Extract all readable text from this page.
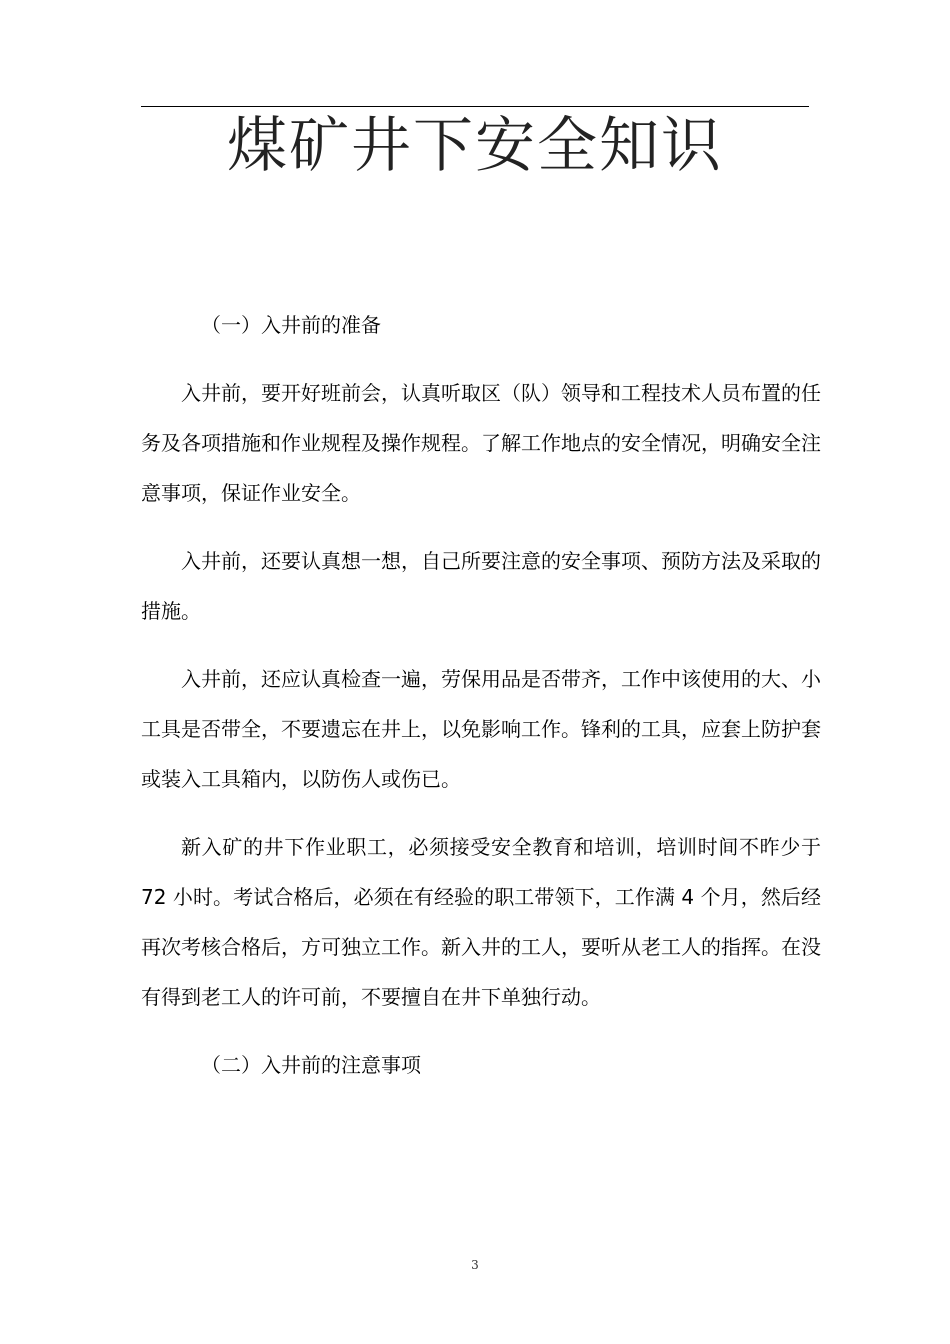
煤矿井下安全知识
（一）入井前的准备

入井前，要开好班前会，认真听取区（队）领导和工程技术人员布置的任务及各项措施和作业规程及操作规程。了解工作地点的安全情况，明确安全注意事项，保证作业安全。

入井前，还要认真想一想，自己所要注意的安全事项、预防方法及采取的措施。

入井前，还应认真检查一遍，劳保用品是否带齐，工作中该使用的大、小工具是否带全，不要遗忘在井上，以免影响工作。锋利的工具，应套上防护套或装入工具箱内，以防伤人或伤已。

新入矿的井下作业职工，必须接受安全教育和培训，培训时间不昨少于 72 小时。考试合格后，必须在有经验的职工带领下，工作满 4 个月，然后经再次考核合格后，方可独立工作。新入井的工人，要听从老工人的指挥。在没有得到老工人的许可前，不要擅自在井下单独行动。

（二）入井前的注意事项
3
